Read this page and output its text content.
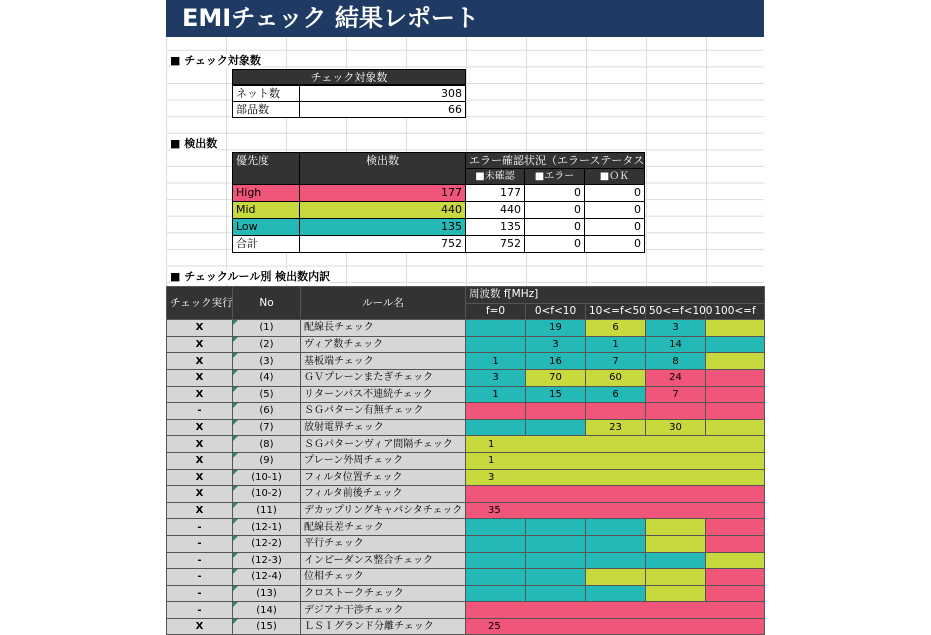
EMIチェック 結果レポート
■ チェック対象数
チェック対象数
ネット数	308
部品数	66
■ 検出数
優先度	検出数	エラー確認状況（エラーステータス）
■未確認	■エラー	■ＯＫ
High	177	177	0	0
Mid	440	440	0	0
Low	135	135	0	0
合計	752	752	0	0
■ チェックルール別 検出数内訳
チェック実行	No	ルール名	周波数 f[MHz]				
			f=0	0<f<10	10<=f<50	50<=f<100	100<=f
X	(1)	配線長チェック		19	6	3	
X	(2)	ヴィア数チェック		3	1	14	
X	(3)	基板端チェック	1	16	7	8	
X	(4)	ＧＶプレーンまたぎチェック	3	70	60	24	
X	(5)	リターンパス不連続チェック	1	15	6	7	
-	(6)	ＳＧパターン有無チェック					
X	(7)	放射電界チェック			23	30	
X	(8)	ＳＧパターンヴィア間隔チェック	1				
X	(9)	プレーン外周チェック	1				
X	(10-1)	フィルタ位置チェック	3				
X	(10-2)	フィルタ前後チェック					
X	(11)	デカップリングキャパシタチェック	35				
-	(12-1)	配線長差チェック					
-	(12-2)	平行チェック					
-	(12-3)	インピーダンス整合チェック					
-	(12-4)	位相チェック					
-	(13)	クロストークチェック					
-	(14)	デジアナ干渉チェック					
X	(15)	ＬＳＩグランド分離チェック	25				
